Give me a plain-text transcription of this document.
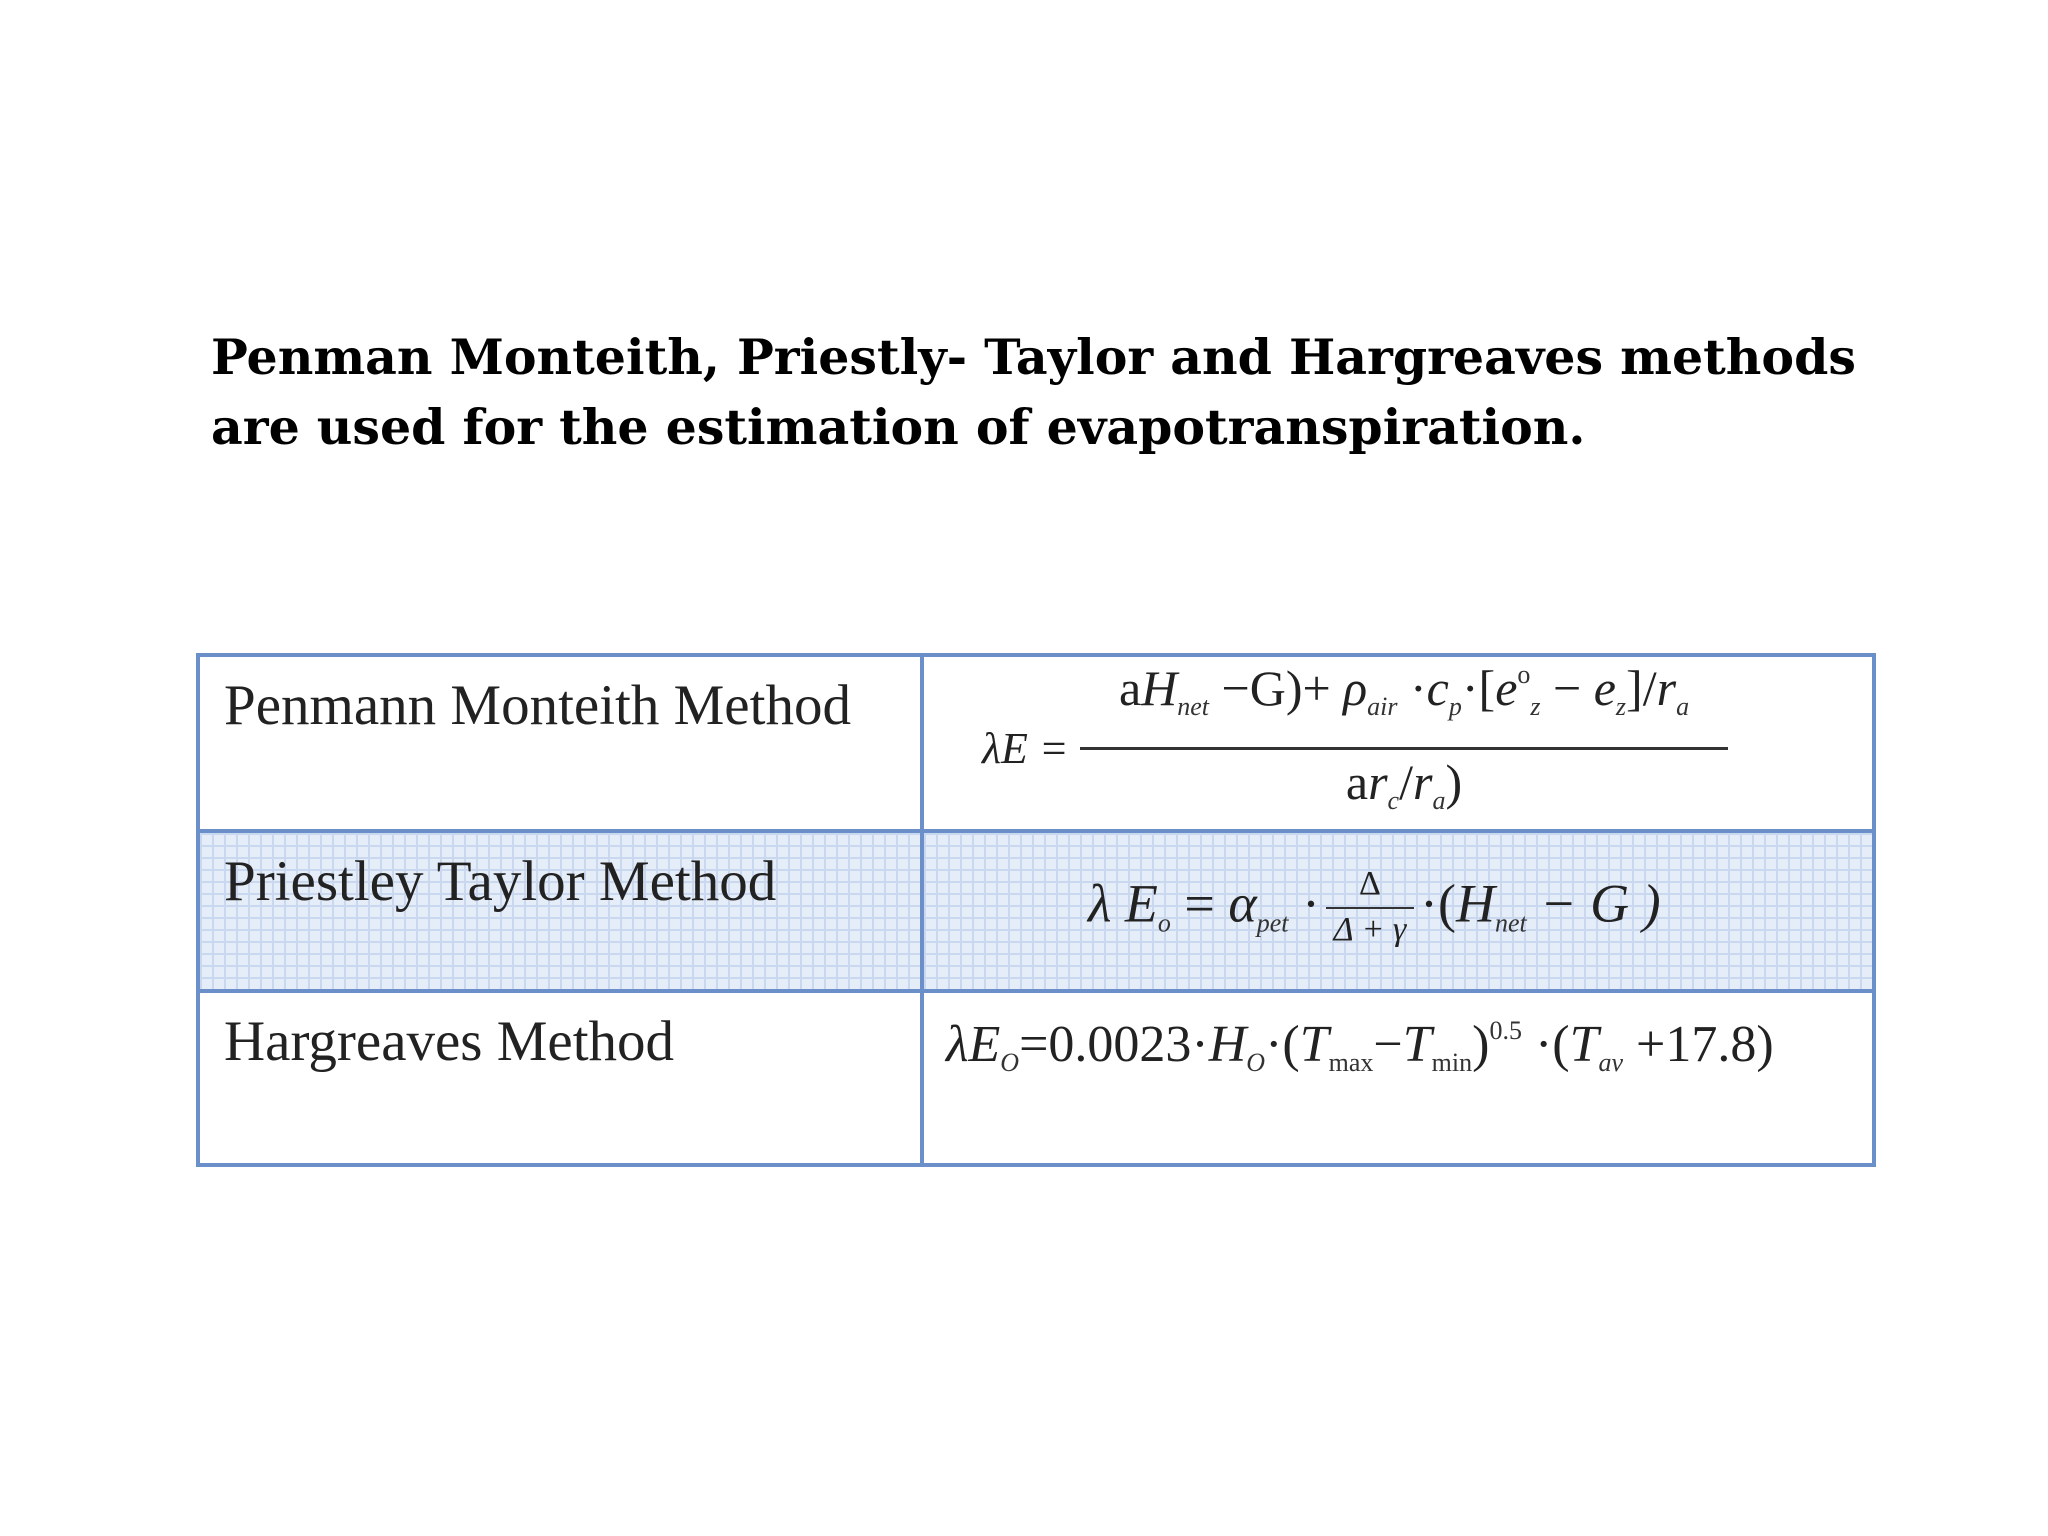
Penman Monteith, Priestly- Taylor and Hargreaves methods
are used for the estimation of evapotranspiration.
Penmann Monteith Method	λE =
$aH_{net} -G)+ \rho_{air} \cdot c_p\cdot[e^o_z - e_z]/r_a$
$ar_c/r_a$)

Priestley Taylor Method	λ $E_o = \alpha_{pet} \cdot \frac{\Delta}{\Delta + \gamma} \cdot(H_{net} - G$ )

Hargreaves Method	$\lambda E_O=0.0023\cdot H_O\cdot(T_{max}-T_{min})^{0.5} \cdot(T_{av} +17.8)$
